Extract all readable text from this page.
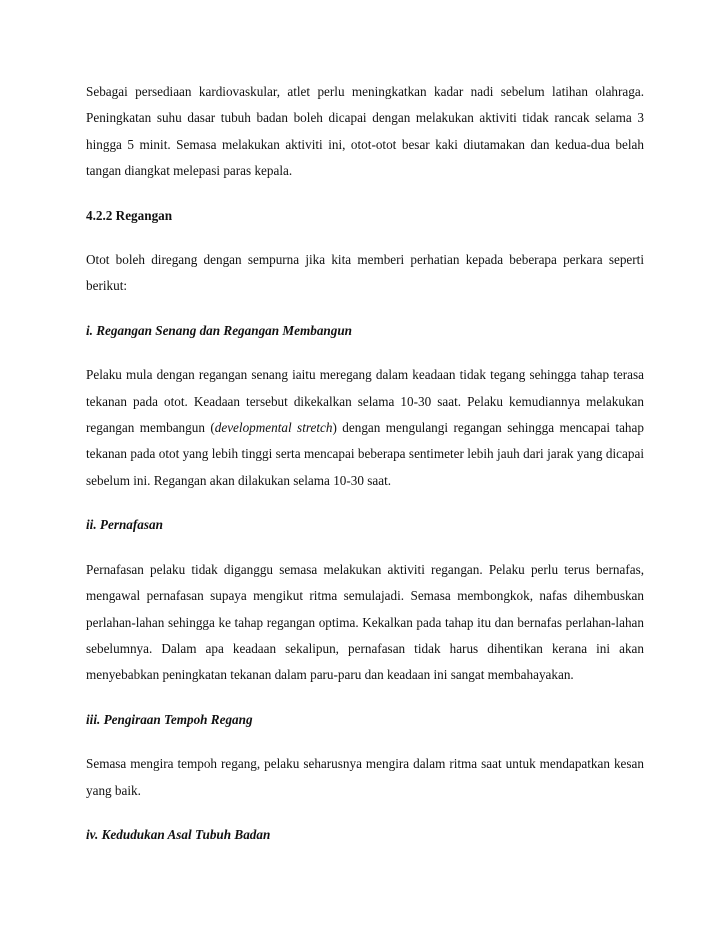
Sebagai persediaan kardiovaskular, atlet perlu meningkatkan kadar nadi sebelum latihan olahraga. Peningkatan suhu dasar tubuh badan boleh dicapai dengan melakukan aktiviti tidak rancak selama 3 hingga 5 minit. Semasa melakukan aktiviti ini, otot-otot besar kaki diutamakan dan kedua-dua belah tangan diangkat melepasi paras kepala.

4.2.2 Regangan

Otot boleh diregang dengan sempurna jika kita memberi perhatian kepada beberapa perkara seperti berikut:

i. Regangan Senang dan Regangan Membangun

Pelaku mula dengan regangan senang iaitu meregang dalam keadaan tidak tegang sehingga tahap terasa tekanan pada otot. Keadaan tersebut dikekalkan selama 10-30 saat. Pelaku kemudiannya melakukan regangan membangun (developmental stretch) dengan mengulangi regangan sehingga mencapai tahap tekanan pada otot yang lebih tinggi serta mencapai beberapa sentimeter lebih jauh dari jarak yang dicapai sebelum ini. Regangan akan dilakukan selama 10-30 saat.

ii. Pernafasan

Pernafasan pelaku tidak diganggu semasa melakukan aktiviti regangan. Pelaku perlu terus bernafas, mengawal pernafasan supaya mengikut ritma semulajadi. Semasa membongkok, nafas dihembuskan perlahan-lahan sehingga ke tahap regangan optima. Kekalkan pada tahap itu dan bernafas perlahan-lahan sebelumnya. Dalam apa keadaan sekalipun, pernafasan tidak harus dihentikan kerana ini akan menyebabkan peningkatan tekanan dalam paru-paru dan keadaan ini sangat membahayakan.

iii. Pengiraan Tempoh Regang

Semasa mengira tempoh regang, pelaku seharusnya mengira dalam ritma saat untuk mendapatkan kesan yang baik.

iv. Kedudukan Asal Tubuh Badan
